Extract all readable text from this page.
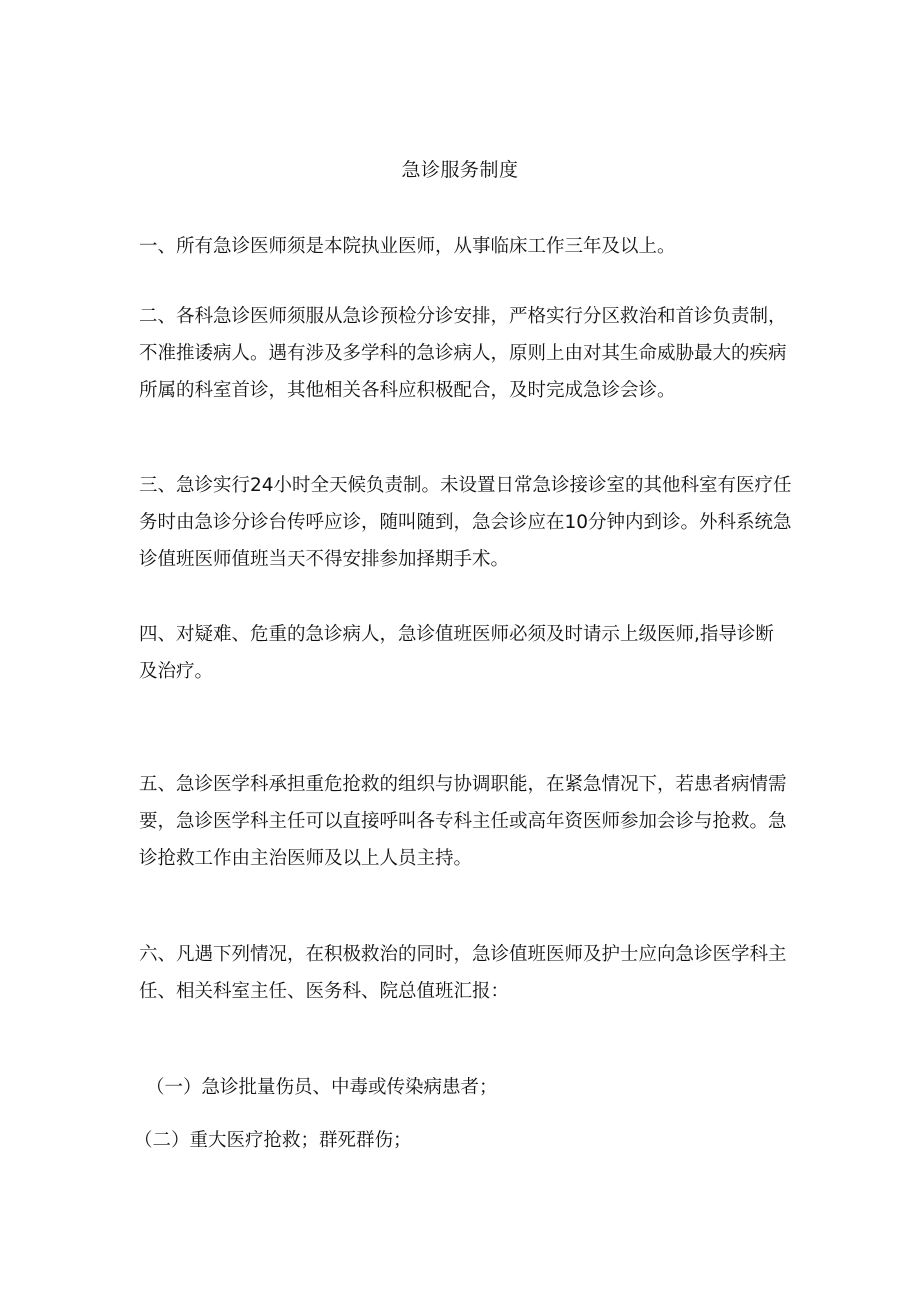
急诊服务制度
一、所有急诊医师须是本院执业医师，从事临床工作三年及以上。
二、各科急诊医师须服从急诊预检分诊安排，严格实行分区救治和首诊负责制，
不准推诿病人。遇有涉及多学科的急诊病人，原则上由对其生命威胁最大的疾病
所属的科室首诊，其他相关各科应积极配合，及时完成急诊会诊。
三、急诊实行24小时全天候负责制。未设置日常急诊接诊室的其他科室有医疗任
务时由急诊分诊台传呼应诊，随叫随到，急会诊应在10分钟内到诊。外科系统急
诊值班医师值班当天不得安排参加择期手术。
四、对疑难、危重的急诊病人，急诊值班医师必须及时请示上级医师,指导诊断
及治疗。
五、急诊医学科承担重危抢救的组织与协调职能，在紧急情况下，若患者病情需
要，急诊医学科主任可以直接呼叫各专科主任或高年资医师参加会诊与抢救。急
诊抢救工作由主治医师及以上人员主持。
六、凡遇下列情况，在积极救治的同时，急诊值班医师及护士应向急诊医学科主
任、相关科室主任、医务科、院总值班汇报：
（一）急诊批量伤员、中毒或传染病患者；
（二）重大医疗抢救；群死群伤；
